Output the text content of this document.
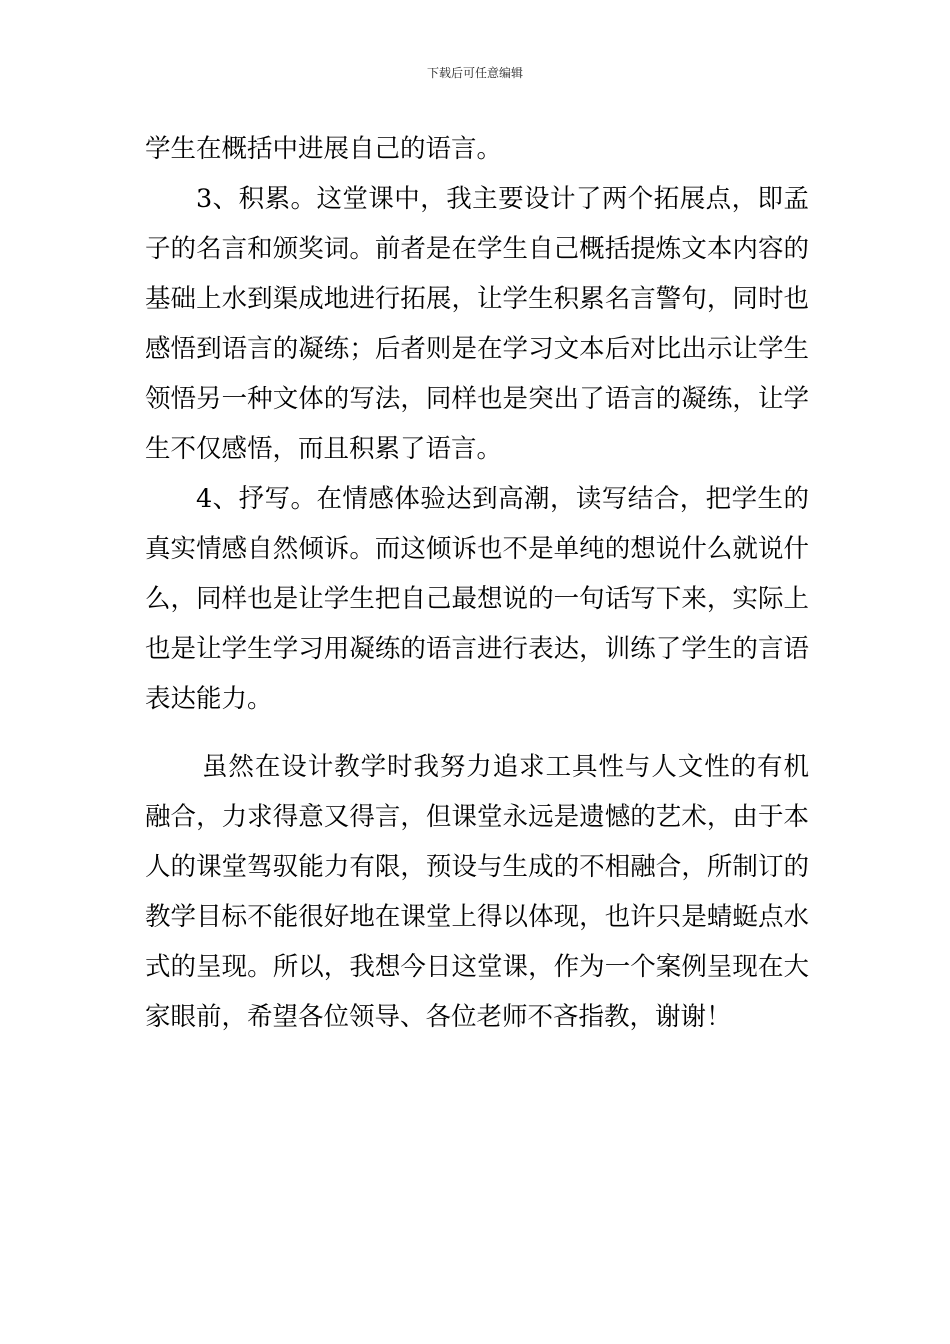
下载后可任意编辑

学生在概括中进展自己的语言。

3、积累。这堂课中，我主要设计了两个拓展点，即孟子的名言和颁奖词。前者是在学生自己概括提炼文本内容的基础上水到渠成地进行拓展，让学生积累名言警句，同时也感悟到语言的凝练；后者则是在学习文本后对比出示让学生领悟另一种文体的写法，同样也是突出了语言的凝练，让学生不仅感悟，而且积累了语言。

4、抒写。在情感体验达到高潮，读写结合，把学生的真实情感自然倾诉。而这倾诉也不是单纯的想说什么就说什么，同样也是让学生把自己最想说的一句话写下来，实际上也是让学生学习用凝练的语言进行表达，训练了学生的言语表达能力。

虽然在设计教学时我努力追求工具性与人文性的有机融合，力求得意又得言，但课堂永远是遗憾的艺术，由于本人的课堂驾驭能力有限，预设与生成的不相融合，所制订的教学目标不能很好地在课堂上得以体现，也许只是蜻蜓点水式的呈现。所以，我想今日这堂课，作为一个案例呈现在大家眼前，希望各位领导、各位老师不吝指教，谢谢！
